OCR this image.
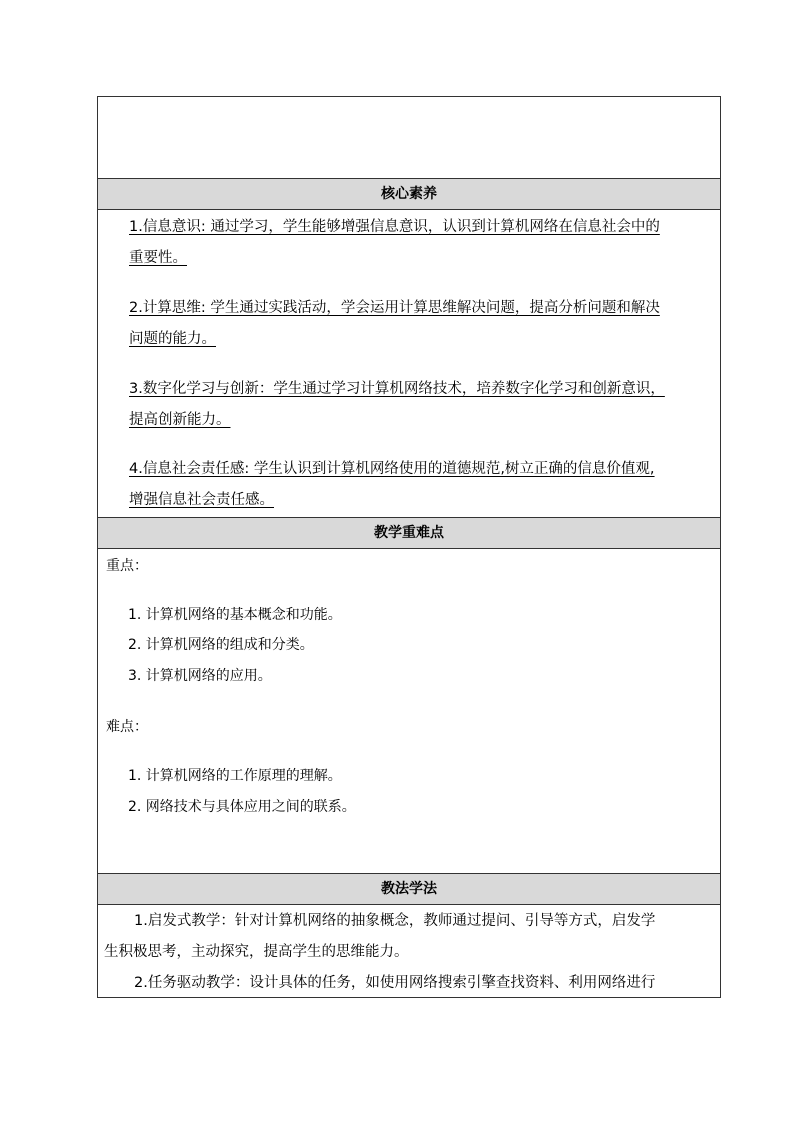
核心素养
1.信息意识: 通过学习，学生能够增强信息意识，认识到计算机网络在信息社会中的
重要性。
2.计算思维: 学生通过实践活动，学会运用计算思维解决问题，提高分析问题和解决
问题的能力。
3.数字化学习与创新：学生通过学习计算机网络技术，培养数字化学习和创新意识，
提高创新能力。
4.信息社会责任感: 学生认识到计算机网络使用的道德规范,树立正确的信息价值观,
增强信息社会责任感。
教学重难点
重点：
1. 计算机网络的基本概念和功能。
2. 计算机网络的组成和分类。
3. 计算机网络的应用。
难点：
1. 计算机网络的工作原理的理解。
2. 网络技术与具体应用之间的联系。
教法学法

1.启发式教学：针对计算机网络的抽象概念，教师通过提问、引导等方式，启发学

生积极思考，主动探究，提高学生的思维能力。

2.任务驱动教学：设计具体的任务，如使用网络搜索引擎查找资料、利用网络进行
